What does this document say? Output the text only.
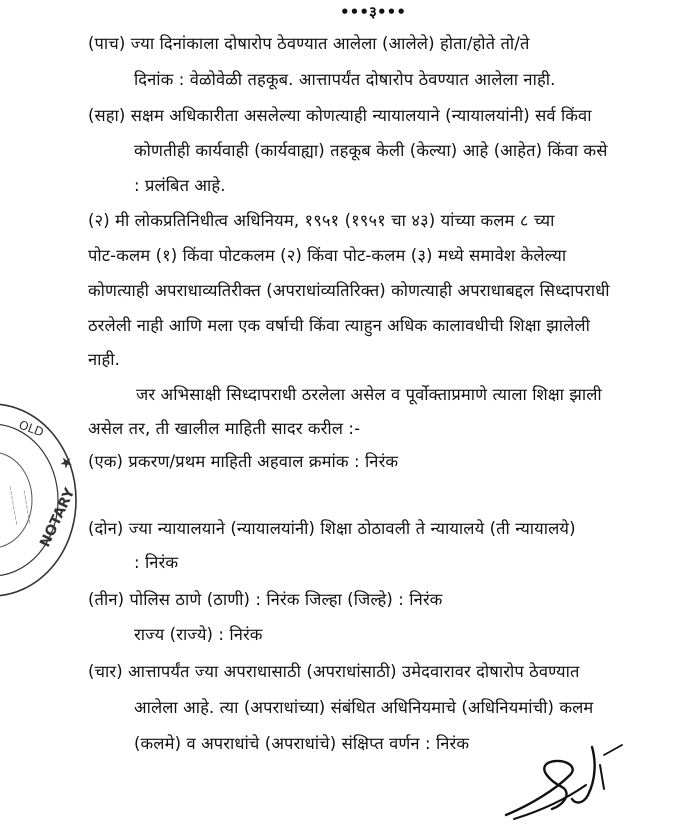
•••३•••
(पाच) ज्या दिनांकाला दोषारोप ठेवण्यात आलेला (आलेले) होता/होते तो/ते
दिनांक : वेळोवेळी तहकूब. आत्तापर्यंत दोषारोप ठेवण्यात आलेला नाही.
(सहा) सक्षम अधिकारीता असलेल्या कोणत्याही न्यायालयाने (न्यायालयांनी) सर्व किंवा
कोणतीही कार्यवाही (कार्यवाह्या) तहकूब केली (केल्या) आहे (आहेत) किंवा कसे
: प्रलंबित आहे.
(२) मी लोकप्रतिनिधीत्व अधिनियम, १९५१ (१९५१ चा ४३) यांच्या कलम ८ च्या
पोट-कलम (१) किंवा पोटकलम (२) किंवा पोट-कलम (३) मध्ये समावेश केलेल्या
कोणत्याही अपराधाव्यतिरीक्त (अपराधांव्यतिरिक्त) कोणत्याही अपराधाबद्दल सिध्दापराधी
ठरलेली नाही आणि मला एक वर्षाची किंवा त्याहुन अधिक कालावधीची शिक्षा झालेली
नाही.
जर अभिसाक्षी सिध्दापराधी ठरलेला असेल व पूर्वोक्ताप्रमाणे त्याला शिक्षा झाली
असेल तर, ती खालील माहिती सादर करील :-
(एक) प्रकरण/प्रथम माहिती अहवाल क्रमांक : निरंक
(दोन) ज्या न्यायालयाने (न्यायालयांनी) शिक्षा ठोठावली ते न्यायालये (ती न्यायालये)
: निरंक
(तीन) पोलिस ठाणे (ठाणी) : निरंक जिल्हा (जिल्हे) : निरंक
राज्य (राज्ये) : निरंक
(चार) आत्तापर्यंत ज्या अपराधासाठी (अपराधांसाठी) उमेदवारावर दोषारोप ठेवण्यात
आलेला आहे. त्या (अपराधांच्या) संबंधित अधिनियमाचे (अधिनियमांची) कलम
(कलमे) व अपराधांचे (अपराधांचे) संक्षिप्त वर्णन : निरंक
★
OLD
NOTARY
~~~~~~~~ ~~~~~~~
